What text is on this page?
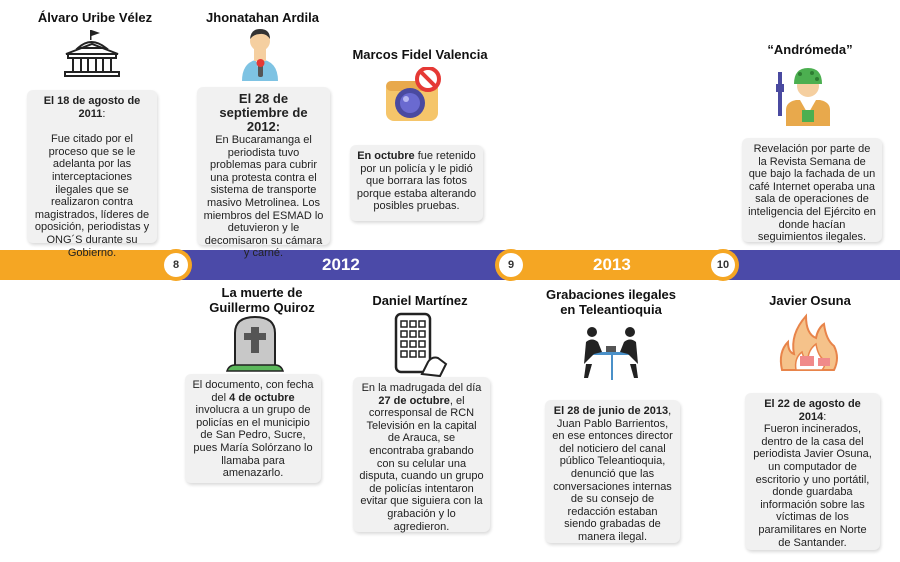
2012	2013
8	9	10
Álvaro Uribe Vélez
El 18 de agosto de 2011:
Fue citado por el proceso que se le adelanta por las interceptaciones ilegales que se realizaron contra magistrados, líderes de oposición, periodistas y ONG´S durante su Gobierno.
Jhonatahan Ardila
El 28 de septiembre de 2012:
En Bucaramanga el periodista tuvo problemas para cubrir una protesta contra el sistema de transporte masivo Metrolinea. Los miembros del ESMAD lo detuvieron y le decomisaron su cámara y carné.
Marcos Fidel Valencia
En octubre fue retenido por un policía y le pidió que borrara las fotos porque estaba alterando posibles pruebas.
“Andrómeda”
Revelación por parte de la Revista Semana de que bajo la fachada de un café Internet operaba una sala de operaciones de inteligencia del Ejército en donde hacían seguimientos ilegales.
La muerte de Guillermo Quiroz
El documento, con fecha del 4 de octubre involucra a un grupo de policías en el municipio de San Pedro, Sucre, pues María Solórzano lo llamaba para amenazarlo.
Daniel Martínez
En la madrugada del día 27 de octubre, el corresponsal de RCN Televisión en la capital de Arauca, se encontraba grabando con su celular una disputa, cuando un grupo de policías intentaron evitar que siguiera con la grabación y lo agredieron.
Grabaciones ilegales en Teleantioquia
El 28 de junio de 2013, Juan Pablo Barrientos, en ese entonces director del noticiero del canal público Teleantioquia, denunció que las conversaciones internas de su consejo de redacción estaban siendo grabadas de manera ilegal.
Javier Osuna
El 22 de agosto de 2014:
Fueron incinerados, dentro de la casa del periodista Javier Osuna, un computador de escritorio y uno portátil, donde guardaba información sobre las víctimas de los paramilitares en Norte de Santander.
